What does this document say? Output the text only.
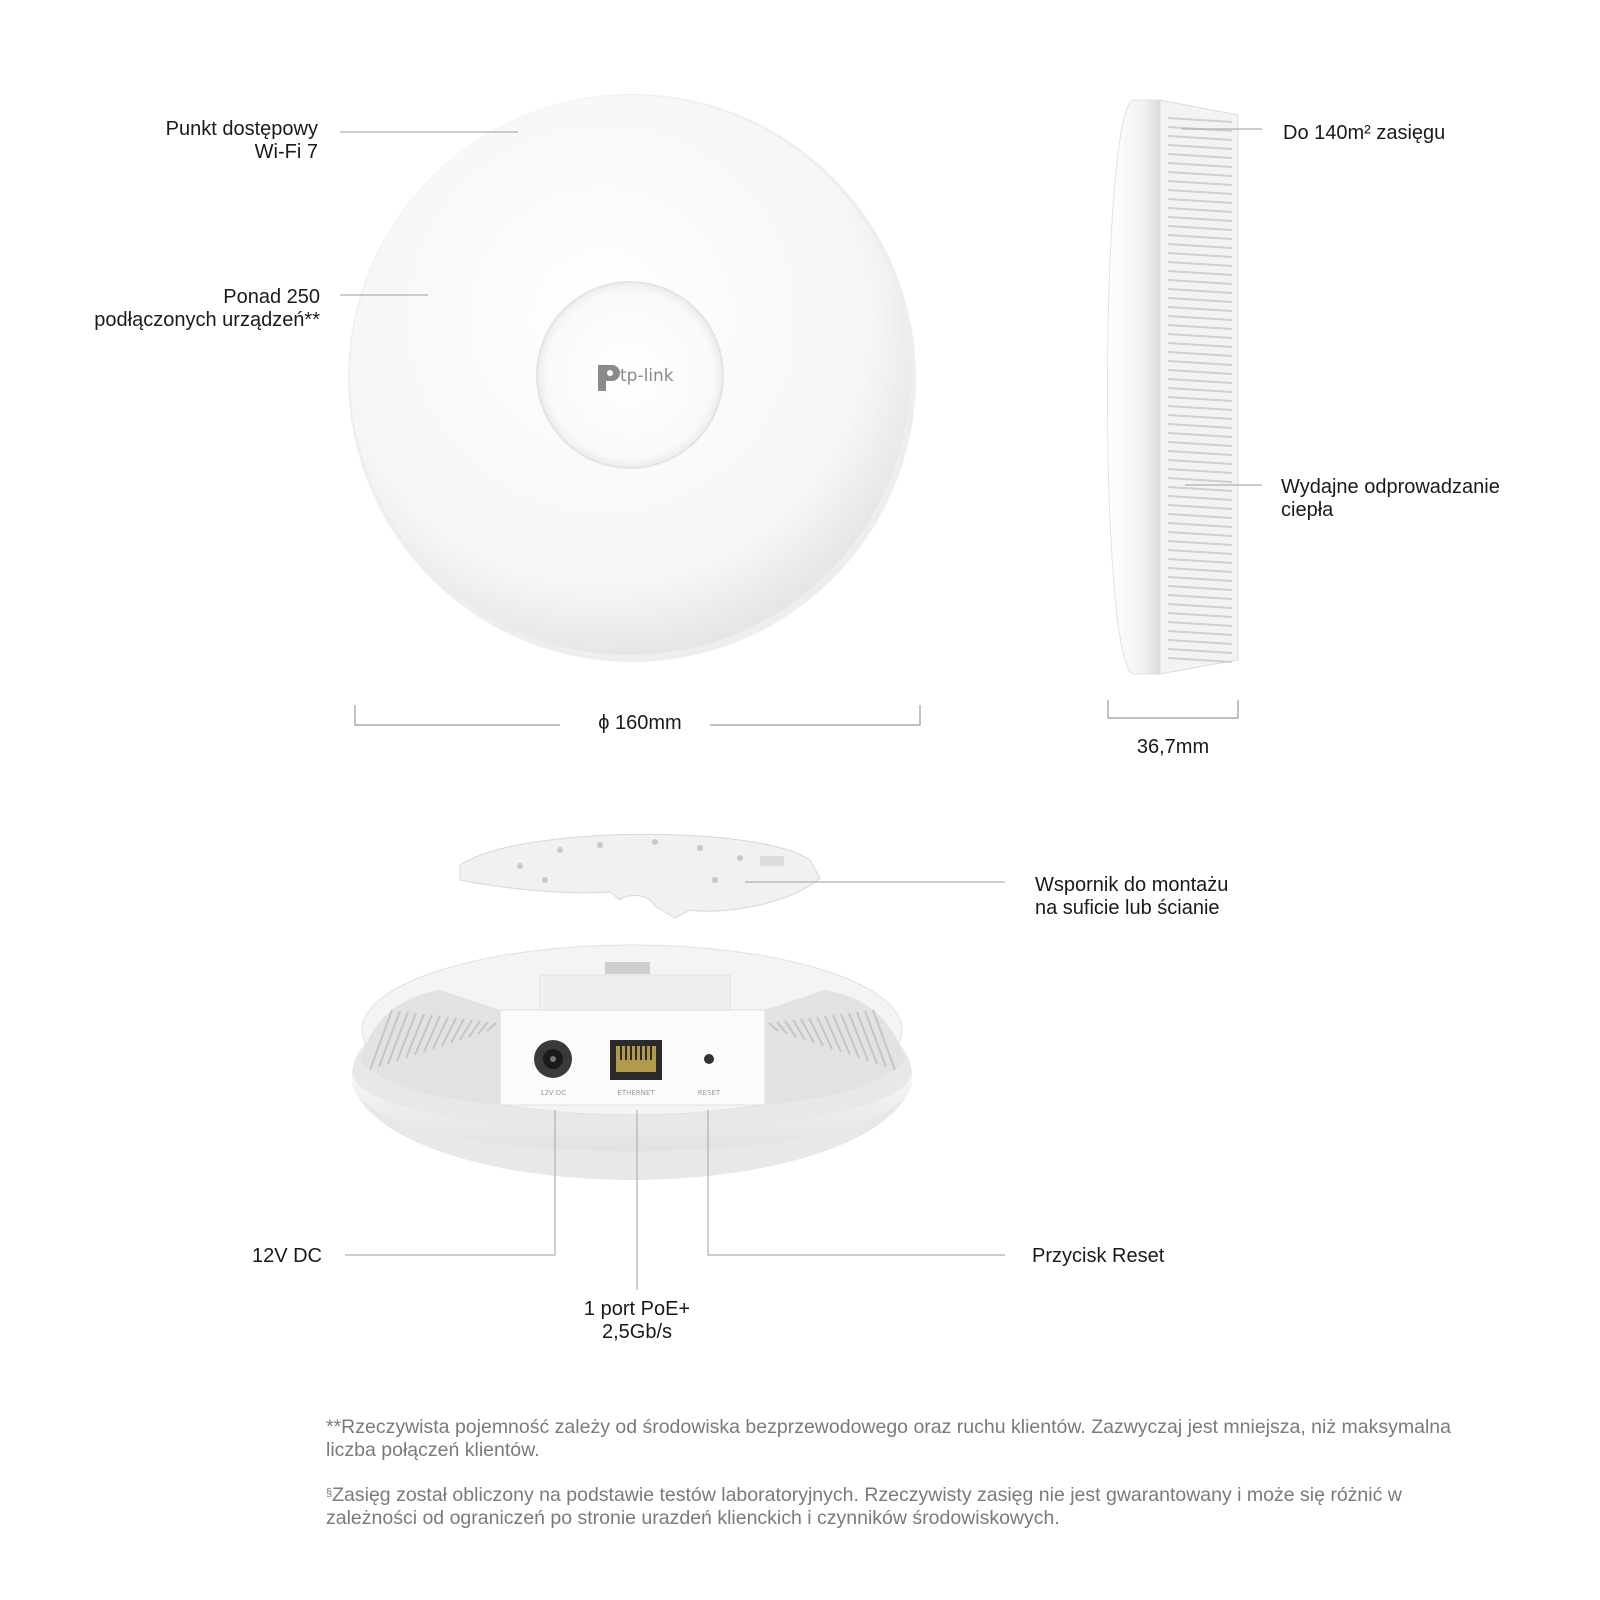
12V DC	ETHERNET	RESET
Punkt dostępowy
Wi-Fi 7
Ponad 250
podłączonych urządzeń**
Do 140m² zasięgu
Wydajne odprowadzanie
ciepła
ϕ 160mm
36,7mm
Wspornik do montażu
na suficie lub ścianie
12V DC
1 port PoE+
2,5Gb/s
Przycisk Reset
**Rzeczywista pojemność zależy od środowiska bezprzewodowego oraz ruchu klientów. Zazwyczaj jest mniejsza, niż maksymalna liczba połączeń klientów.
§Zasięg został obliczony na podstawie testów laboratoryjnych. Rzeczywisty zasięg nie jest gwarantowany i może się różnić w zależności od ograniczeń po stronie urazdeń klienckich i czynników środowiskowych.
tp-link
